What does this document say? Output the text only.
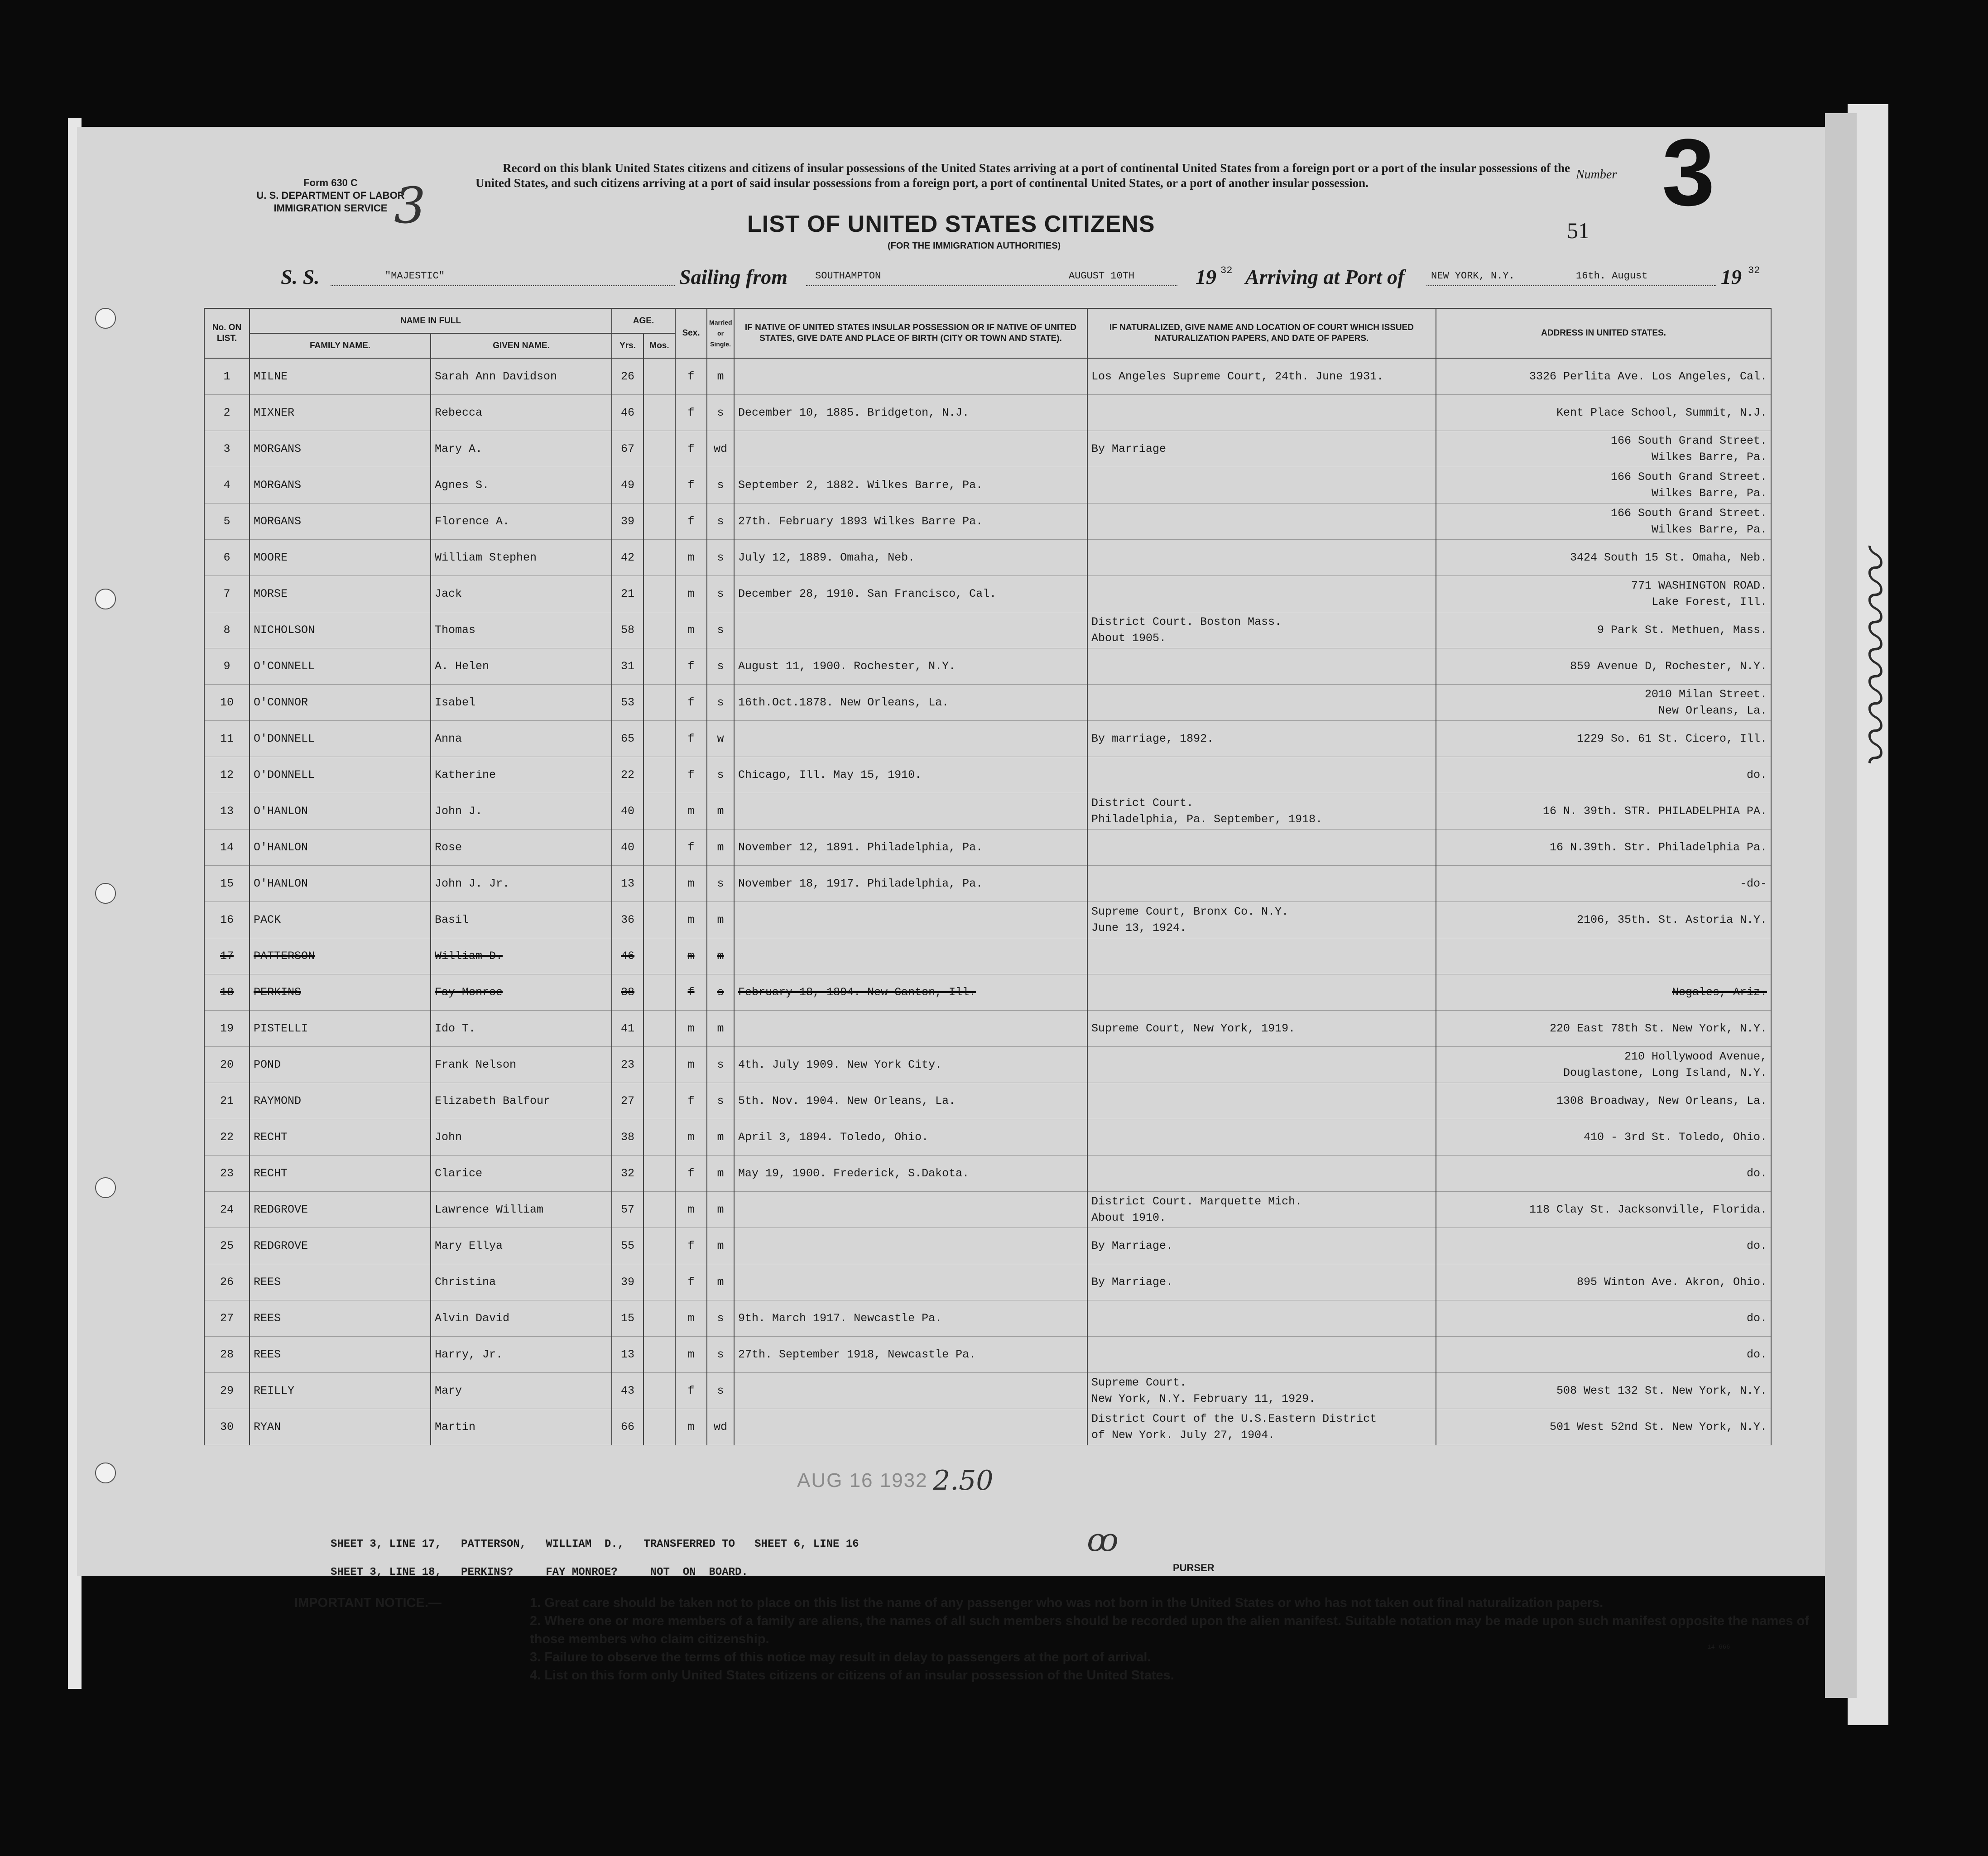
Form 630 C
U. S. DEPARTMENT OF LABOR
IMMIGRATION SERVICE 3
Record on this blank United States citizens and citizens of insular possessions of the United States arriving at a port of continental United States from a foreign port or a port of the insular possessions of the United States, and such citizens arriving at a port of said insular possessions from a foreign port, a port of continental United States, or a port of another insular possession.
LIST OF UNITED STATES CITIZENS
(FOR THE IMMIGRATION AUTHORITIES)
Number 3
51
S. S.	"MAJESTIC"	Sailing from	SOUTHAMPTON	AUGUST 10TH	19 32 Arriving at Port of	NEW YORK, N.Y.	16th. August	19 32
No. ON LIST.	NAME IN FULL		AGE.		Sex.	Married or Single.	IF NATIVE OF UNITED STATES INSULAR POSSESSION OR IF NATIVE OF UNITED STATES, GIVE DATE AND PLACE OF BIRTH (CITY OR TOWN AND STATE).	IF NATURALIZED, GIVE NAME AND LOCATION OF COURT WHICH ISSUED NATURALIZATION PAPERS, AND DATE OF PAPERS.	ADDRESS IN UNITED STATES.
	FAMILY NAME.	GIVEN NAME.	Yrs.	Mos.					
1	MILNE	Sarah Ann Davidson	26		f	m		Los Angeles Supreme Court, 24th. June 1931.	3326 Perlita Ave. Los Angeles, Cal.
2	MIXNER	Rebecca	46		f	s	December 10, 1885. Bridgeton, N.J.		Kent Place School, Summit, N.J.
3	MORGANS	Mary A.	67		f	wd		By Marriage	166 South Grand Street.
Wilkes Barre, Pa.
4	MORGANS	Agnes S.	49		f	s	September 2, 1882. Wilkes Barre, Pa.		166 South Grand Street.
Wilkes Barre, Pa.
5	MORGANS	Florence A.	39		f	s	27th. February 1893 Wilkes Barre Pa.		166 South Grand Street.
Wilkes Barre, Pa.
6	MOORE	William Stephen	42		m	s	July 12, 1889. Omaha, Neb.		3424 South 15 St. Omaha, Neb.
7	MORSE	Jack	21		m	s	December 28, 1910. San Francisco, Cal.		771 WASHINGTON ROAD.
Lake Forest, Ill.
8	NICHOLSON	Thomas	58		m	s		District Court. Boston Mass.
About 1905.	9 Park St. Methuen, Mass.
9	O'CONNELL	A. Helen	31		f	s	August 11, 1900. Rochester, N.Y.		859 Avenue D, Rochester, N.Y.
10	O'CONNOR	Isabel	53		f	s	16th.Oct.1878. New Orleans, La.		2010 Milan Street.
New Orleans, La.
11	O'DONNELL	Anna	65		f	w		By marriage, 1892.	1229 So. 61 St. Cicero, Ill.
12	O'DONNELL	Katherine	22		f	s	Chicago, Ill. May 15, 1910.		do.
13	O'HANLON	John J.	40		m	m		District Court.
Philadelphia, Pa. September, 1918.	16 N. 39th. STR. PHILADELPHIA PA.
14	O'HANLON	Rose	40		f	m	November 12, 1891. Philadelphia, Pa.		16 N.39th. Str. Philadelphia Pa.
15	O'HANLON	John J. Jr.	13		m	s	November 18, 1917. Philadelphia, Pa.		-do-
16	PACK	Basil	36		m	m		Supreme Court, Bronx Co. N.Y.
June 13, 1924.	2106, 35th. St. Astoria N.Y.
17	PATTERSON	William D.	46		m	m			
18	PERKINS	Fay Monroe	38		f	s	February 18, 1894. New Canton, Ill.		Nogales, Ariz.
19	PISTELLI	Ido T.	41		m	m		Supreme Court, New York, 1919.	220 East 78th St. New York, N.Y.
20	POND	Frank Nelson	23		m	s	4th. July 1909. New York City.		210 Hollywood Avenue,
Douglastone, Long Island, N.Y.
21	RAYMOND	Elizabeth Balfour	27		f	s	5th. Nov. 1904. New Orleans, La.		1308 Broadway, New Orleans, La.
22	RECHT	John	38		m	m	April 3, 1894. Toledo, Ohio.		410 - 3rd St. Toledo, Ohio.
23	RECHT	Clarice	32		f	m	May 19, 1900. Frederick, S.Dakota.		do.
24	REDGROVE	Lawrence William	57		m	m		District Court. Marquette Mich.
About 1910.	118 Clay St. Jacksonville, Florida.
25	REDGROVE	Mary Ellya	55		f	m		By Marriage.	do.
26	REES	Christina	39		f	m		By Marriage.	895 Winton Ave. Akron, Ohio.
27	REES	Alvin David	15		m	s	9th. March 1917. Newcastle Pa.		do.
28	REES	Harry, Jr.	13		m	s	27th. September 1918, Newcastle Pa.		do.
29	REILLY	Mary	43		f	s		Supreme Court.
New York, N.Y. February 11, 1929.	508 West 132 St. New York, N.Y.
30	RYAN	Martin	66		m	wd		District Court of the U.S.Eastern District
of New York. July 27, 1904.	501 West 52nd St. New York, N.Y.
SHEET 3, LINE 17,   PATTERSON,   WILLIAM  D.,   TRANSFERRED TO   SHEET 6, LINE 16
SHEET 3, LINE 18,   PERKINS?     FAY MONROE?     NOT  ON  BOARD.
ꝏ
PURSER
AUG 16 1932 2.50
IMPORTANT NOTICE.—	1. Great care should be taken not to place on this list the name of any passenger who was not born in the United States or who has not taken out final naturalization papers.
2. Where one or more members of a family are aliens, the names of all such members should be recorded upon the alien manifest. Suitable notation may be made upon such manifest opposite the names of those members who claim citizenship.
3. Failure to observe the terms of this notice may result in delay to passengers at the port of arrival.
4. List on this form only United States citizens or citizens of an insular possession of the United States.
14—666
〰︎〰︎〰︎〰︎
